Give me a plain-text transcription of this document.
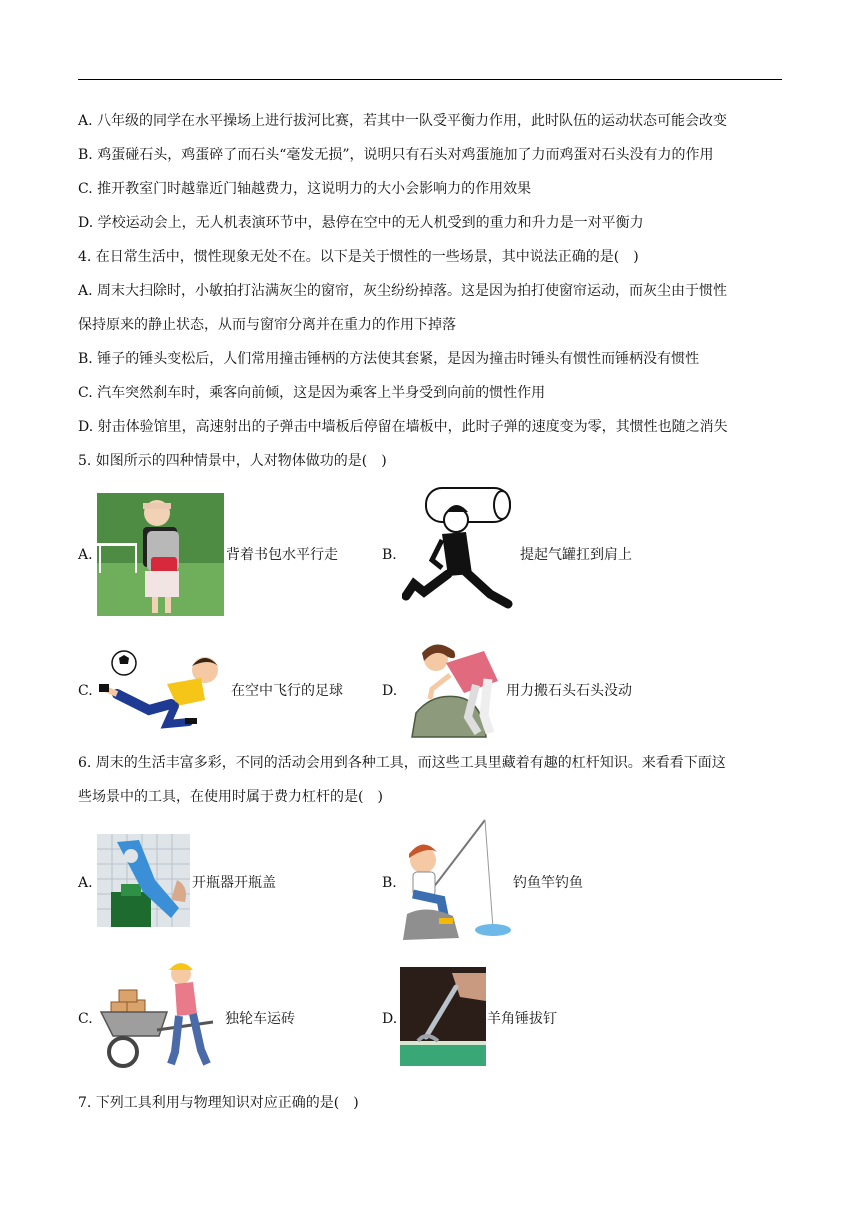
A. 八年级的同学在水平操场上进行拔河比赛，若其中一队受平衡力作用，此时队伍的运动状态可能会改变
B. 鸡蛋碰石头，鸡蛋碎了而石头“毫发无损”，说明只有石头对鸡蛋施加了力而鸡蛋对石头没有力的作用
C. 推开教室门时越靠近门轴越费力，这说明力的大小会影响力的作用效果
D. 学校运动会上，无人机表演环节中，悬停在空中的无人机受到的重力和升力是一对平衡力
4. 在日常生活中，惯性现象无处不在。以下是关于惯性的一些场景，其中说法正确的是(　)
A. 周末大扫除时，小敏拍打沾满灰尘的窗帘，灰尘纷纷掉落。这是因为拍打使窗帘运动，而灰尘由于惯性
保持原来的静止状态，从而与窗帘分离并在重力的作用下掉落
B. 锤子的锤头变松后，人们常用撞击锤柄的方法使其套紧，是因为撞击时锤头有惯性而锤柄没有惯性
C. 汽车突然刹车时，乘客向前倾，这是因为乘客上半身受到向前的惯性作用
D. 射击体验馆里，高速射出的子弹击中墙板后停留在墙板中，此时子弹的速度变为零，其惯性也随之消失
5. 如图所示的四种情景中，人对物体做功的是(　)
A.	背着书包水平行走	B.	提起气罐扛到肩上
C.	在空中飞行的足球	D.	用力搬石头石头没动
6. 周末的生活丰富多彩，不同的活动会用到各种工具，而这些工具里藏着有趣的杠杆知识。来看看下面这
些场景中的工具，在使用时属于费力杠杆的是(　)
A.	开瓶器开瓶盖	B.	钓鱼竿钓鱼
C.	独轮车运砖	D.	羊角锤拔钉
7. 下列工具利用与物理知识对应正确的是(　)
